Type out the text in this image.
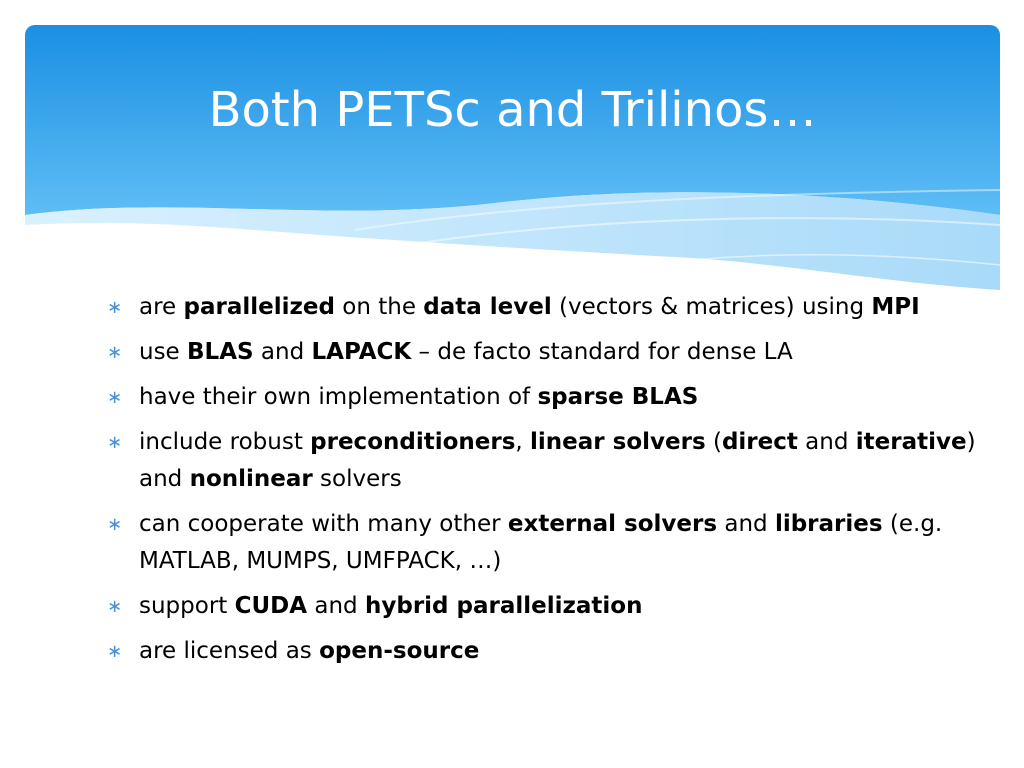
Both PETSc and Trilinos…
∗ are parallelized on the data level (vectors & matrices) using MPI
∗ use BLAS and LAPACK – de facto standard for dense LA
∗ have their own implementation of sparse BLAS
∗ include robust preconditioners, linear solvers (direct and iterative) and nonlinear solvers
∗ can cooperate with many other external solvers and libraries (e.g. MATLAB, MUMPS, UMFPACK, …)
∗ support CUDA and hybrid parallelization
∗ are licensed as open-source
